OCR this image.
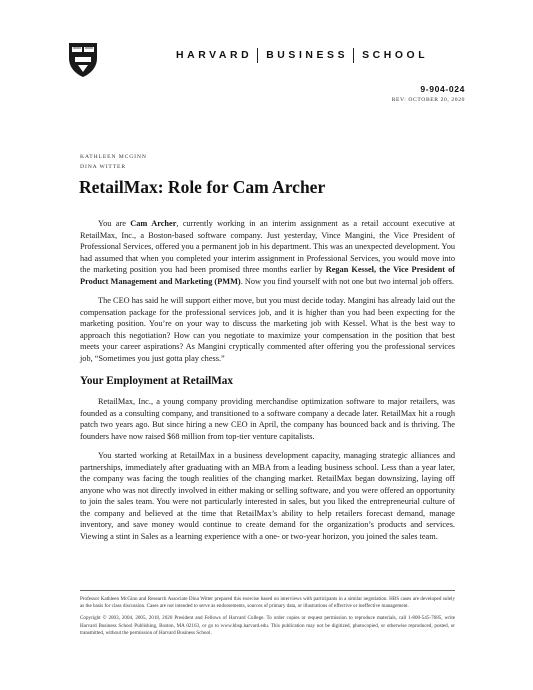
HARVARD BUSINESS SCHOOL
9-904-024
REV: OCTOBER 20, 2020
KATHLEEN MCGINN
DINA WITTER
RetailMax: Role for Cam Archer

You are Cam Archer, currently working in an interim assignment as a retail account executive at RetailMax, Inc., a Boston-based software company. Just yesterday, Vince Mangini, the Vice President of Professional Services, offered you a permanent job in his department. This was an unexpected development. You had assumed that when you completed your interim assignment in Professional Services, you would move into the marketing position you had been promised three months earlier by Regan Kessel, the Vice President of Product Management and Marketing (PMM). Now you find yourself with not one but two internal job offers.

The CEO has said he will support either move, but you must decide today. Mangini has already laid out the compensation package for the professional services job, and it is higher than you had been expecting for the marketing position. You’re on your way to discuss the marketing job with Kessel. What is the best way to approach this negotiation? How can you negotiate to maximize your compensation in the position that best meets your career aspirations? As Mangini cryptically commented after offering you the professional services job, “Sometimes you just gotta play chess.”

Your Employment at RetailMax

RetailMax, Inc., a young company providing merchandise optimization software to major retailers, was founded as a consulting company, and transitioned to a software company a decade later. RetailMax hit a rough patch two years ago. But since hiring a new CEO in April, the company has bounced back and is thriving. The founders have now raised $68 million from top-tier venture capitalists.

You started working at RetailMax in a business development capacity, managing strategic alliances and partnerships, immediately after graduating with an MBA from a leading business school. Less than a year later, the company was facing the tough realities of the changing market. RetailMax began downsizing, laying off anyone who was not directly involved in either making or selling software, and you were offered an opportunity to join the sales team. You were not particularly interested in sales, but you liked the entrepreneurial culture of the company and believed at the time that RetailMax’s ability to help retailers forecast demand, manage inventory, and save money would continue to create demand for the organization’s products and services. Viewing a stint in Sales as a learning experience with a one- or two-year horizon, you joined the sales team.

Professor Kathleen McGinn and Research Associate Dina Witter prepared this exercise based on interviews with participants in a similar negotiation. HBS cases are developed solely as the basis for class discussion. Cases are not intended to serve as endorsements, sources of primary data, or illustrations of effective or ineffective management.

Copyright © 2003, 2004, 2005, 2018, 2020 President and Fellows of Harvard College. To order copies or request permission to reproduce materials, call 1-800-545-7685, write Harvard Business School Publishing, Boston, MA 02163, or go to www.hbsp.harvard.edu. This publication may not be digitized, photocopied, or otherwise reproduced, posted, or transmitted, without the permission of Harvard Business School.
